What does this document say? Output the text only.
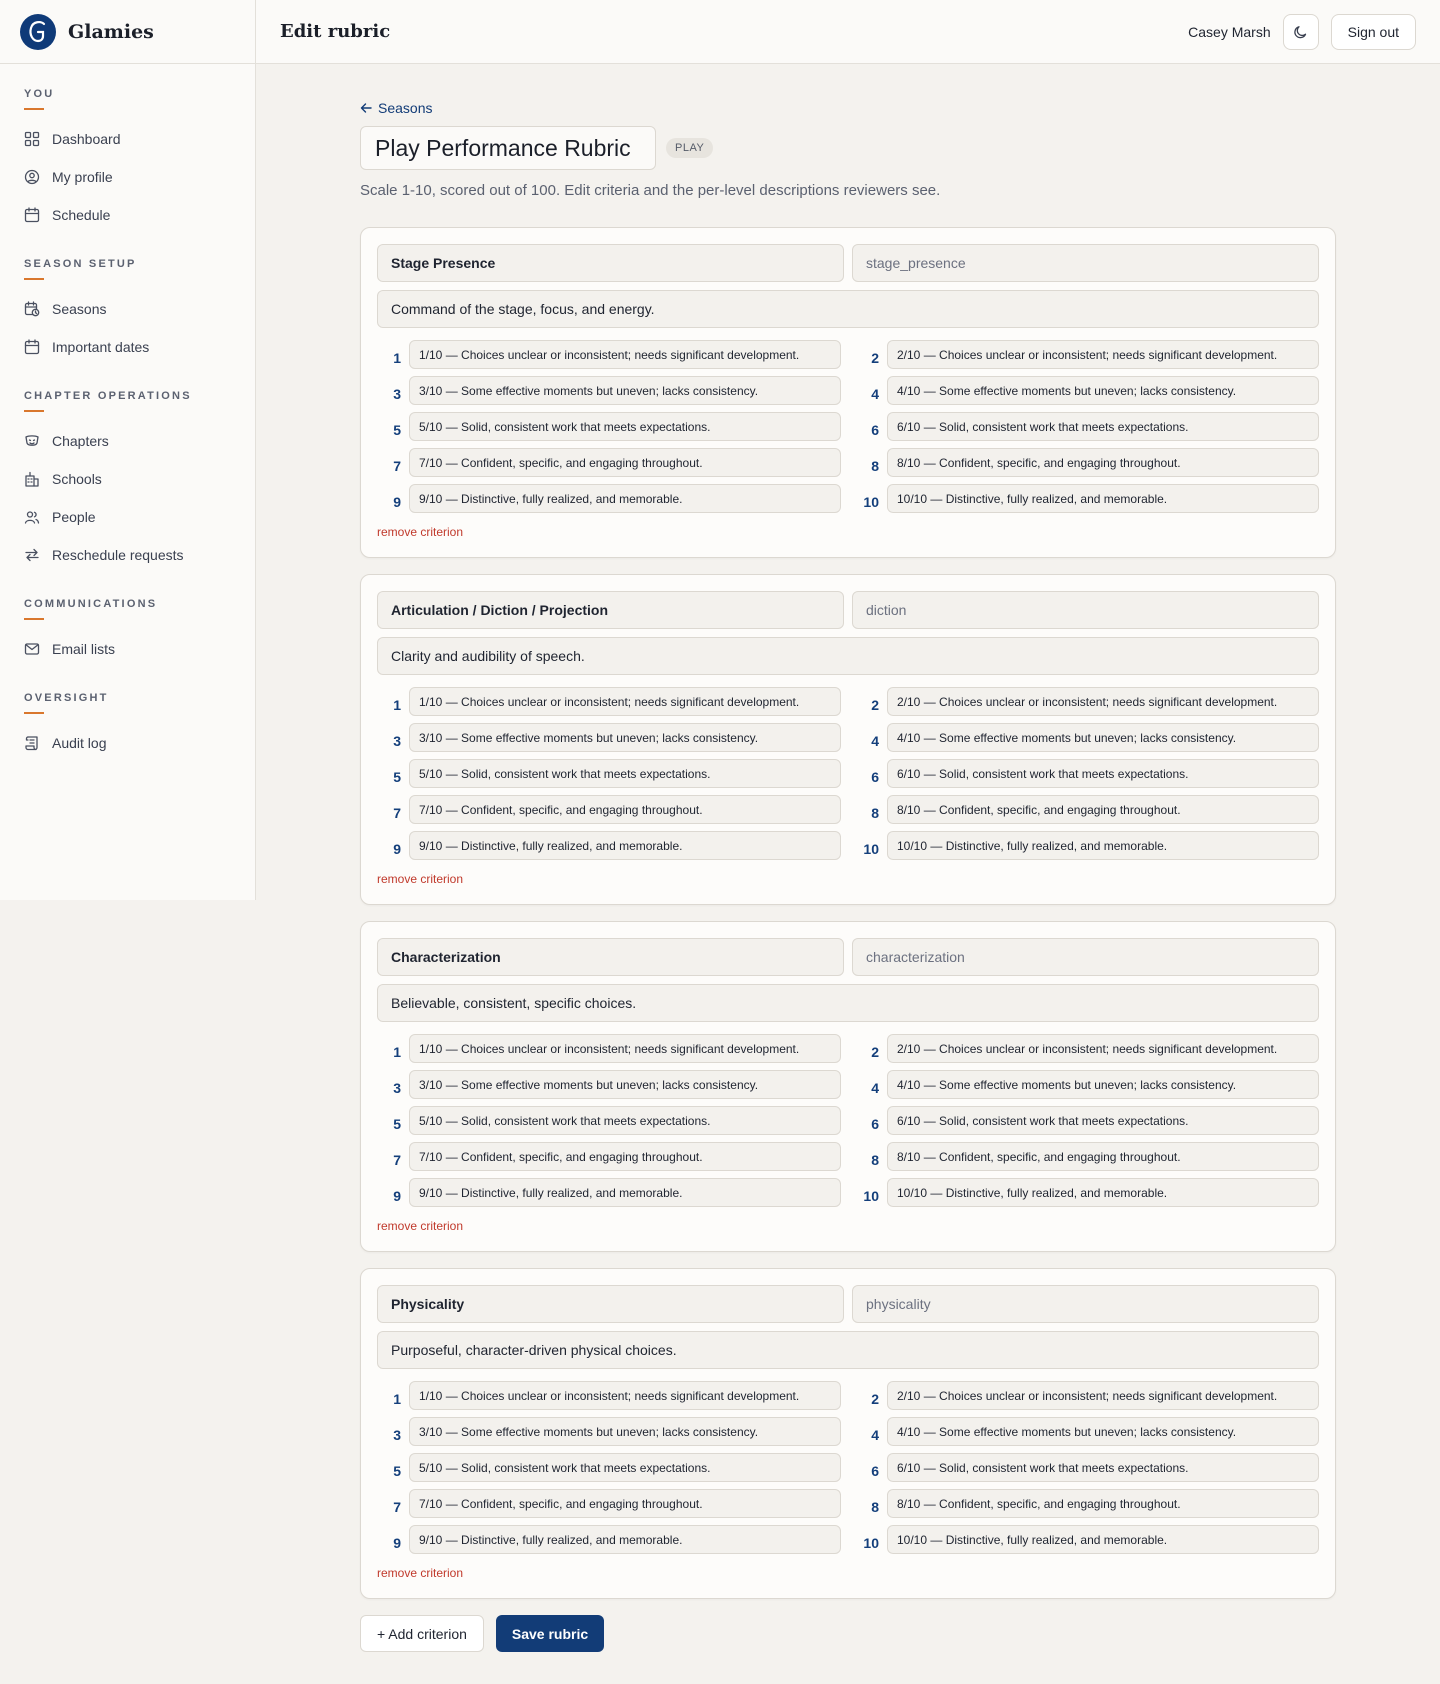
Glamies
YOU
Dashboard
My profile
Schedule
SEASON SETUP
Seasons
Important dates
CHAPTER OPERATIONS
Chapters
Schools
People
Reschedule requests
COMMUNICATIONS
Email lists
OVERSIGHT
Audit log
Edit rubric	Casey Marsh	Sign out
Seasons
Play Performance Rubric	PLAY

Scale 1-10, scored out of 100. Edit criteria and the per-level descriptions reviewers see.

Stage Presence	stage_presence
Command of the stage, focus, and energy.
1	1/10 — Choices unclear or inconsistent; needs significant development.	2	2/10 — Choices unclear or inconsistent; needs significant development.
3	3/10 — Some effective moments but uneven; lacks consistency.	4	4/10 — Some effective moments but uneven; lacks consistency.
5	5/10 — Solid, consistent work that meets expectations.	6	6/10 — Solid, consistent work that meets expectations.
7	7/10 — Confident, specific, and engaging throughout.	8	8/10 — Confident, specific, and engaging throughout.
9	9/10 — Distinctive, fully realized, and memorable.	10	10/10 — Distinctive, fully realized, and memorable.
remove criterion
Articulation / Diction / Projection	diction
Clarity and audibility of speech.
1	1/10 — Choices unclear or inconsistent; needs significant development.	2	2/10 — Choices unclear or inconsistent; needs significant development.
3	3/10 — Some effective moments but uneven; lacks consistency.	4	4/10 — Some effective moments but uneven; lacks consistency.
5	5/10 — Solid, consistent work that meets expectations.	6	6/10 — Solid, consistent work that meets expectations.
7	7/10 — Confident, specific, and engaging throughout.	8	8/10 — Confident, specific, and engaging throughout.
9	9/10 — Distinctive, fully realized, and memorable.	10	10/10 — Distinctive, fully realized, and memorable.
remove criterion
Characterization	characterization
Believable, consistent, specific choices.
1	1/10 — Choices unclear or inconsistent; needs significant development.	2	2/10 — Choices unclear or inconsistent; needs significant development.
3	3/10 — Some effective moments but uneven; lacks consistency.	4	4/10 — Some effective moments but uneven; lacks consistency.
5	5/10 — Solid, consistent work that meets expectations.	6	6/10 — Solid, consistent work that meets expectations.
7	7/10 — Confident, specific, and engaging throughout.	8	8/10 — Confident, specific, and engaging throughout.
9	9/10 — Distinctive, fully realized, and memorable.	10	10/10 — Distinctive, fully realized, and memorable.
remove criterion
Physicality	physicality
Purposeful, character-driven physical choices.
1	1/10 — Choices unclear or inconsistent; needs significant development.	2	2/10 — Choices unclear or inconsistent; needs significant development.
3	3/10 — Some effective moments but uneven; lacks consistency.	4	4/10 — Some effective moments but uneven; lacks consistency.
5	5/10 — Solid, consistent work that meets expectations.	6	6/10 — Solid, consistent work that meets expectations.
7	7/10 — Confident, specific, and engaging throughout.	8	8/10 — Confident, specific, and engaging throughout.
9	9/10 — Distinctive, fully realized, and memorable.	10	10/10 — Distinctive, fully realized, and memorable.
remove criterion
+ Add criterion	Save rubric
